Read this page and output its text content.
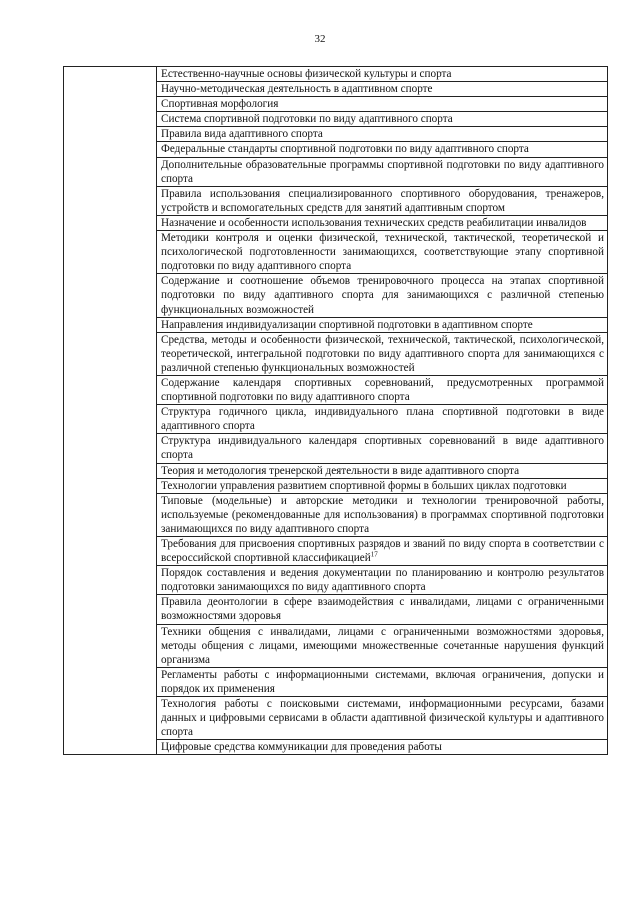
32
	Естественно-научные основы физической культуры и спорта
Научно-методическая деятельность в адаптивном спорте
Спортивная морфология
Система спортивной подготовки по виду адаптивного спорта
Правила вида адаптивного спорта
Федеральные стандарты спортивной подготовки по виду адаптивного спорта
Дополнительные образовательные программы спортивной подготовки по виду адаптивного спорта
Правила использования специализированного спортивного оборудования, тренажеров, устройств и вспомогательных средств для занятий адаптивным спортом
Назначение и особенности использования технических средств реабилитации инвалидов
Методики контроля и оценки физической, технической, тактической, теоретической и психологической подготовленности занимающихся, соответствующие этапу спортивной подготовки по виду адаптивного спорта
Содержание и соотношение объемов тренировочного процесса на этапах спортивной подготовки по виду адаптивного спорта для занимающихся с различной степенью функциональных возможностей
Направления индивидуализации спортивной подготовки в адаптивном спорте
Средства, методы и особенности физической, технической, тактической, психологической, теоретической, интегральной подготовки по виду адаптивного спорта для занимающихся с различной степенью функциональных возможностей
Содержание календаря спортивных соревнований, предусмотренных программой спортивной подготовки по виду адаптивного спорта
Структура годичного цикла, индивидуального плана спортивной подготовки в виде адаптивного спорта
Структура индивидуального календаря спортивных соревнований в виде адаптивного спорта
Теория и методология тренерской деятельности в виде адаптивного спорта
Технологии управления развитием спортивной формы в больших циклах подготовки
Типовые (модельные) и авторские методики и технологии тренировочной работы, используемые (рекомендованные для использования) в программах спортивной подготовки занимающихся по виду адаптивного спорта
Требования для присвоения спортивных разрядов и званий по виду спорта в соответствии с всероссийской спортивной классификацией$^{17}$
Порядок составления и ведения документации по планированию и контролю результатов подготовки занимающихся по виду адаптивного спорта
Правила деонтологии в сфере взаимодействия с инвалидами, лицами с ограниченными возможностями здоровья
Техники общения с инвалидами, лицами с ограниченными возможностями здоровья, методы общения с лицами, имеющими множественные сочетанные нарушения функций организма
Регламенты работы с информационными системами, включая ограничения, допуски и порядок их применения
Технология работы с поисковыми системами, информационными ресурсами, базами данных и цифровыми сервисами в области адаптивной физической культуры и адаптивного спорта
Цифровые средства коммуникации для проведения работы
